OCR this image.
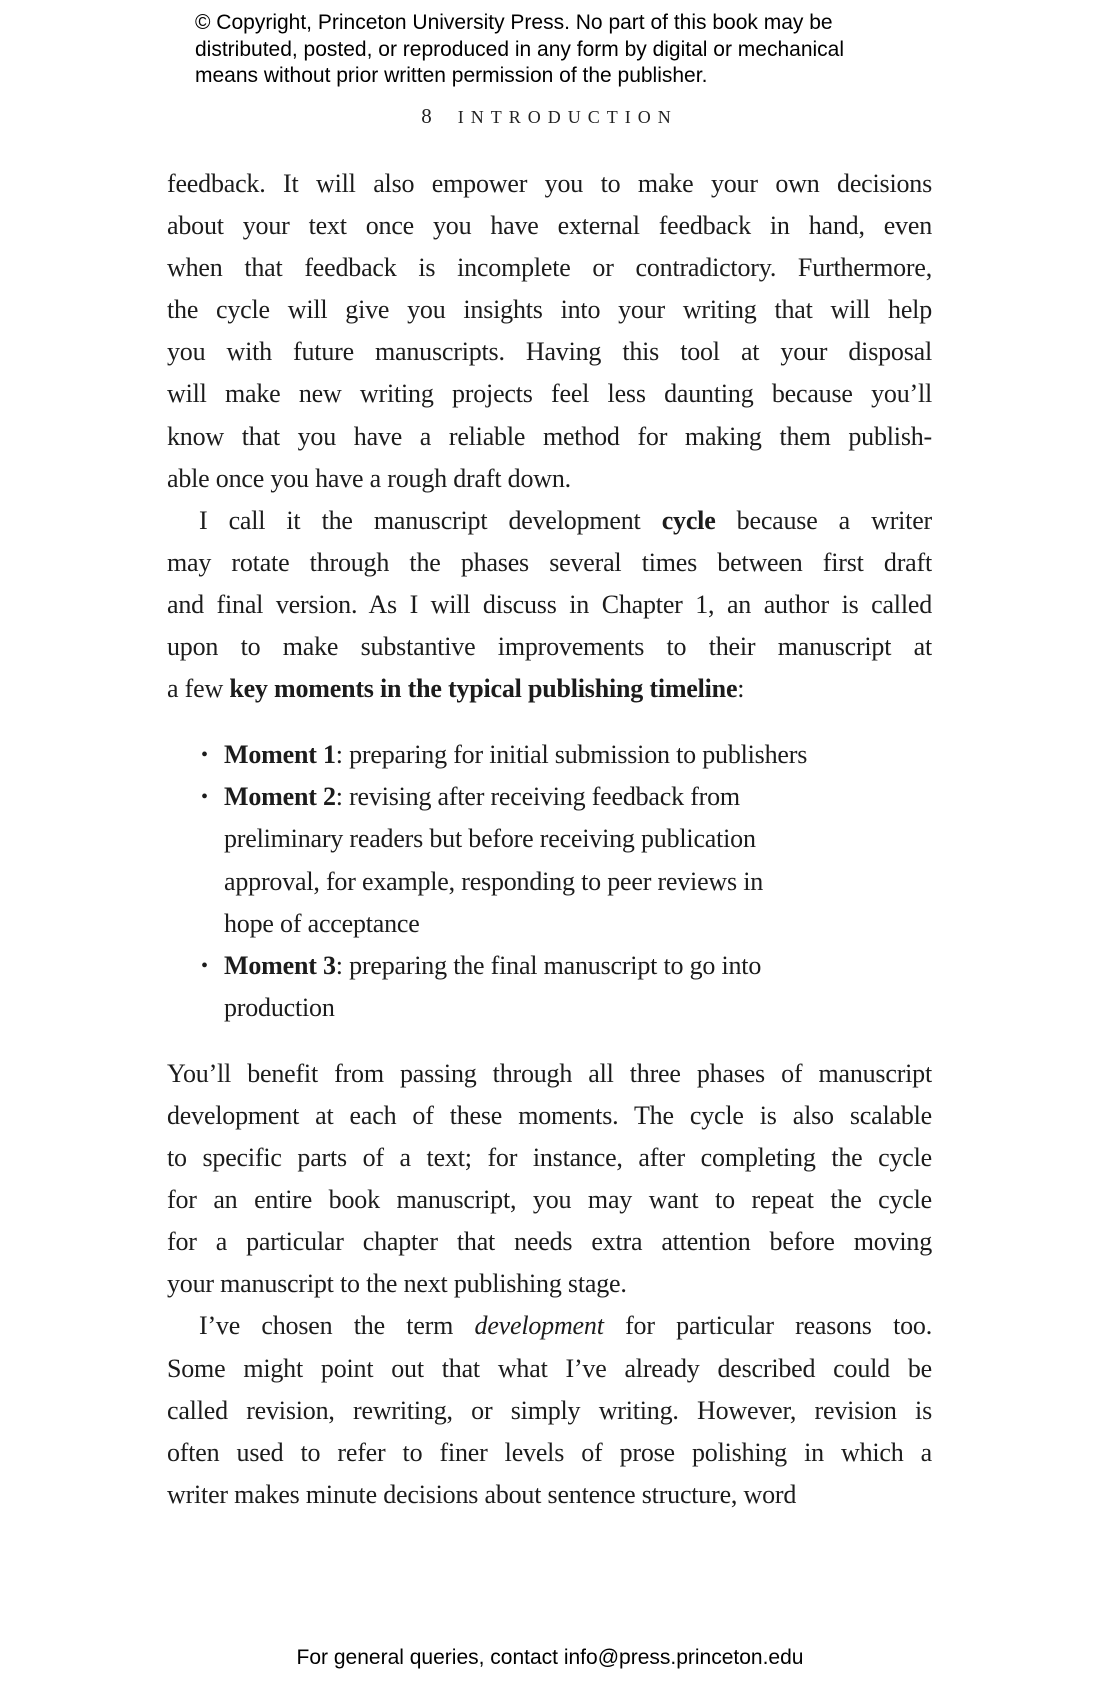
© Copyright, Princeton University Press. No part of this book may be
distributed, posted, or reproduced in any form by digital or mechanical
means without prior written permission of the publisher.
8 INTRODUCTION
feedback. It will also empower you to make your own decisions
about your text once you have external feedback in hand, even
when that feedback is incomplete or contradictory. Furthermore,
the cycle will give you insights into your writing that will help
you with future manuscripts. Having this tool at your disposal
will make new writing projects feel less daunting because you’ll
know that you have a reliable method for making them publish-
able once you have a rough draft down.
I call it the manuscript development cycle because a writer
may rotate through the phases several times between first draft
and final version. As I will discuss in Chapter 1, an author is called
upon to make substantive improvements to their manuscript at
a few key moments in the typical publishing timeline:
• Moment 1: preparing for initial submission to publishers
• Moment 2: revising after receiving feedback from
preliminary readers but before receiving publication
approval, for example, responding to peer reviews in
hope of acceptance
• Moment 3: preparing the final manuscript to go into
production
You’ll benefit from passing through all three phases of manuscript
development at each of these moments. The cycle is also scalable
to specific parts of a text; for instance, after completing the cycle
for an entire book manuscript, you may want to repeat the cycle
for a particular chapter that needs extra attention before moving
your manuscript to the next publishing stage.
I’ve chosen the term development for particular reasons too.
Some might point out that what I’ve already described could be
called revision, rewriting, or simply writing. However, revision is
often used to refer to finer levels of prose polishing in which a
writer makes minute decisions about sentence structure, word
For general queries, contact info@press.princeton.edu
